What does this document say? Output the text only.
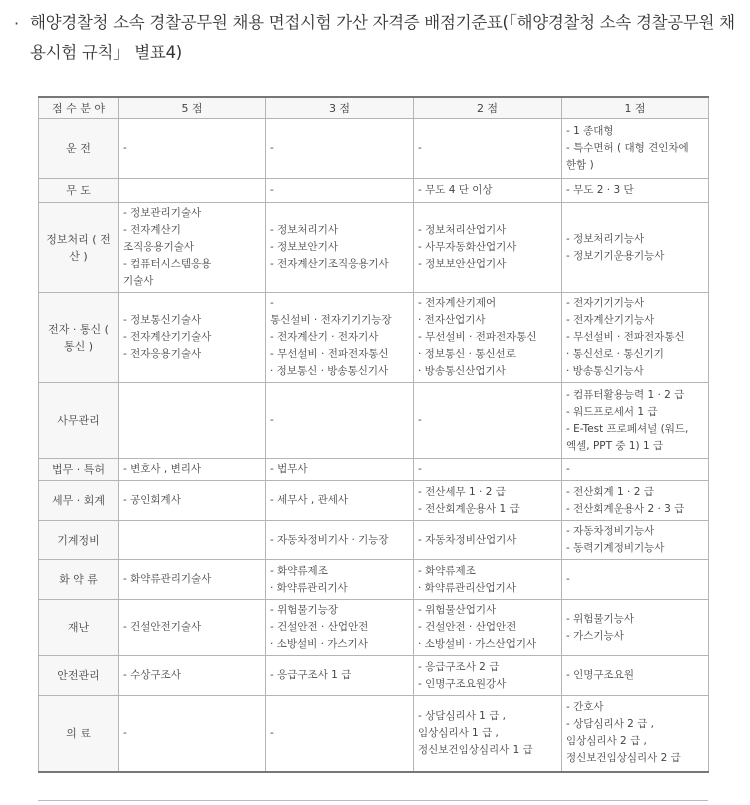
· 해양경찰청 소속 경찰공무원 채용 면접시험 가산 자격증 배점기준표(「해양경찰청 소속 경찰공무원 채용시험 규칙」 별표4)
점 수 분 야	5 점	3 점	2 점	1 점
운 전	-	-	-	- 1 종대형
- 특수면허 ( 대형 견인차에
한함 )

무 도		-	- 무도 4 단 이상	- 무도 2 · 3 단

정보처리 ( 전산 )	- 정보관리기술사
- 전자계산기
조직응용기술사
- 컴퓨터시스템응용
기술사	- 정보처리기사
- 정보보안기사
- 전자계산기조직응용기사	- 정보처리산업기사
- 사무자동화산업기사
- 정보보안산업기사	- 정보처리기능사
- 정보기기운용기능사

전자 · 통신 ( 통신 )	- 정보통신기술사
- 전자계산기기술사
- 전자응용기술사	-
통신설비 · 전자기기기능장
- 전자계산기 · 전자기사
- 무선설비 · 전파전자통신
· 정보통신 · 방송통신기사	- 전자계산기제어
· 전자산업기사
- 무선설비 · 전파전자통신
· 정보통신 · 통신선로
· 방송통신산업기사	- 전자기기기능사
- 전자계산기기능사
- 무선설비 · 전파전자통신
· 통신선로 · 통신기기
· 방송통신기능사

사무관리		-	-	- 컴퓨터활용능력 1 · 2 급
- 워드프로세서 1 급
- E-Test 프로페셔널 (워드,
엑셀, PPT 중 1) 1 급

법무 · 특허	- 변호사 , 변리사	- 법무사	-	-

세무 · 회계	- 공인회계사	- 세무사 , 관세사	- 전산세무 1 · 2 급
- 전산회계운용사 1 급	- 전산회계 1 · 2 급
- 전산회계운용사 2 · 3 급

기계정비		- 자동차정비기사 · 기능장	- 자동차정비산업기사	- 자동차정비기능사
- 동력기계정비기능사

화 약 류	- 화약류관리기술사	- 화약류제조
· 화약류관리기사	- 화약류제조
· 화약류관리산업기사	-

재난	- 건설안전기술사	- 위험물기능장
- 건설안전 · 산업안전
· 소방설비 · 가스기사	- 위험물산업기사
- 건설안전 · 산업안전
· 소방설비 · 가스산업기사	- 위험물기능사
- 가스기능사

안전관리	- 수상구조사	- 응급구조사 1 급	- 응급구조사 2 급
- 인명구조요원강사	- 인명구조요원

의 료	-	-	- 상담심리사 1 급 ,
임상심리사 1 급 ,
정신보건임상심리사 1 급	- 간호사
- 상담심리사 2 급 ,
임상심리사 2 급 ,
정신보건임상심리사 2 급
